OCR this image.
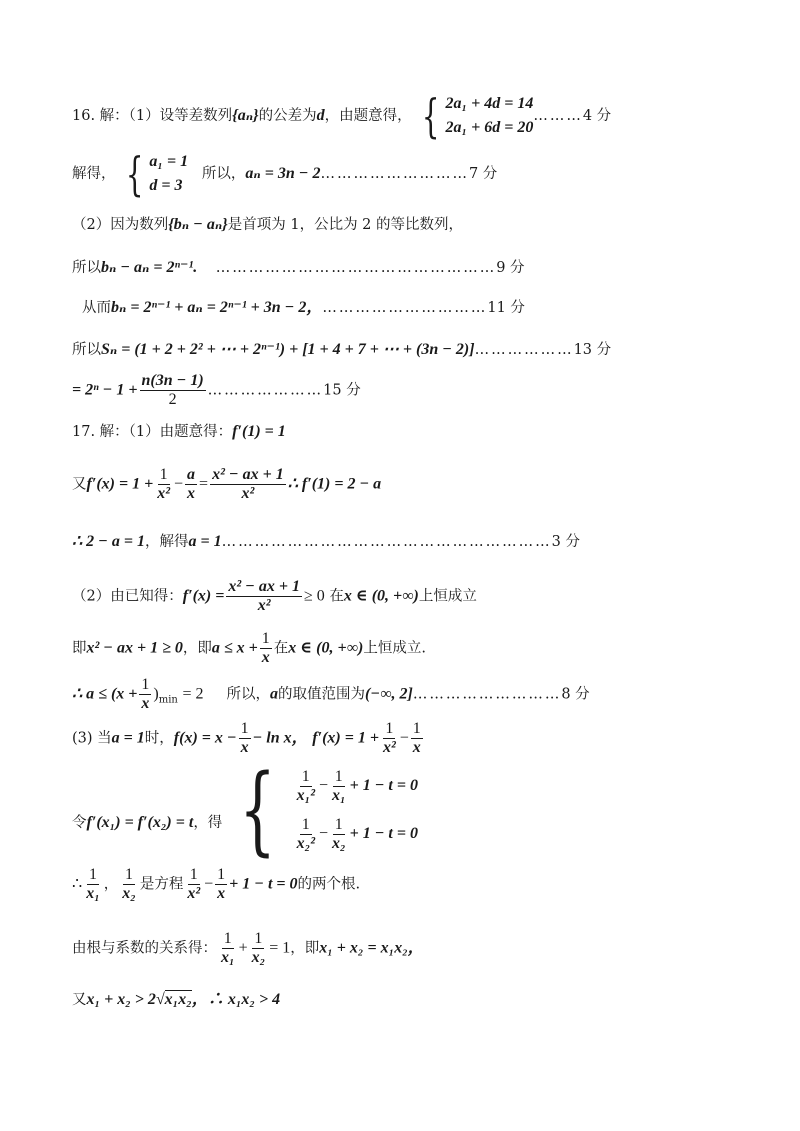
16. 解：（1）设等差数列{aₙ}的公差为d，由题意得， { 2a₁ + 4d = 14
2a₁ + 6d = 20
………4 分
解得， { a₁ = 1
d = 3
所以，aₙ = 3n − 2………………………7 分
（2）因为数列{bₙ − aₙ}是首项为 1，公比为 2 的等比数列，
所以bₙ − aₙ = 2ⁿ⁻¹. ……………………………………………9 分
从而bₙ = 2ⁿ⁻¹ + aₙ = 2ⁿ⁻¹ + 3n − 2，…………………………11 分
所以Sₙ = (1 + 2 + 2² + ⋯ + 2ⁿ⁻¹) + [1 + 4 + 7 + ⋯ + (3n − 2)]………………13 分
= $2^n - 1 + \frac{n(3n - 1)}{2}$ …………………15 分
17. 解：（1）由题意得：f′(1) = 1
又$f'(x) = 1 + \frac{1}{\text{x²}} - \frac{a}{x} = \frac{\text{x² − ax + 1}}{\text{x²}}$ ∴ f′(1) = 2 − a
∴ 2 − a = 1，解得a = 1……………………………………………………3 分
（2）由已知得：$f'(x) = \frac{\text{x² − ax + 1}}{\text{x²}} \ge 0$ 在x ∈ (0, +∞)上恒成立
即x² − ax + 1 ≥ 0，即$a \le x + \frac{1}{x}$ 在x ∈ (0, +∞)上恒成立.
∴ $a \le (x + \frac{1}{x} )_{min} = 2$ 所以，a的取值范围为(−∞, 2]………………………8 分
(3) 当a = 1时，$f(x) = x - \frac{1}{x} - \ln x$， $f'(x) = 1 + \frac{1}{\text{x²}} - \frac{1}{x}$
令f′(x₁) = f′(x₂) = t，得 { $\frac{1}{\text{x₁²}} - \frac{1}{\text{x₁}} + 1 - t = 0$
$\frac{1}{\text{x₂²}} - \frac{1}{\text{x₂}} + 1 - t = 0$
∴ $\frac{1}{\text{x₁}}$ ， $\frac{1}{\text{x₂}}$ 是方程 $\frac{1}{\text{x²}} - \frac{1}{x} + 1 - t = 0$的两个根.
由根与系数的关系得： $\frac{1}{\text{x₁}} + \frac{1}{\text{x₂}} = 1$，即x₁ + x₂ = x₁x₂，
又x₁ + x₂ > 2√x₁x₂，∴ x₁x₂ > 4
